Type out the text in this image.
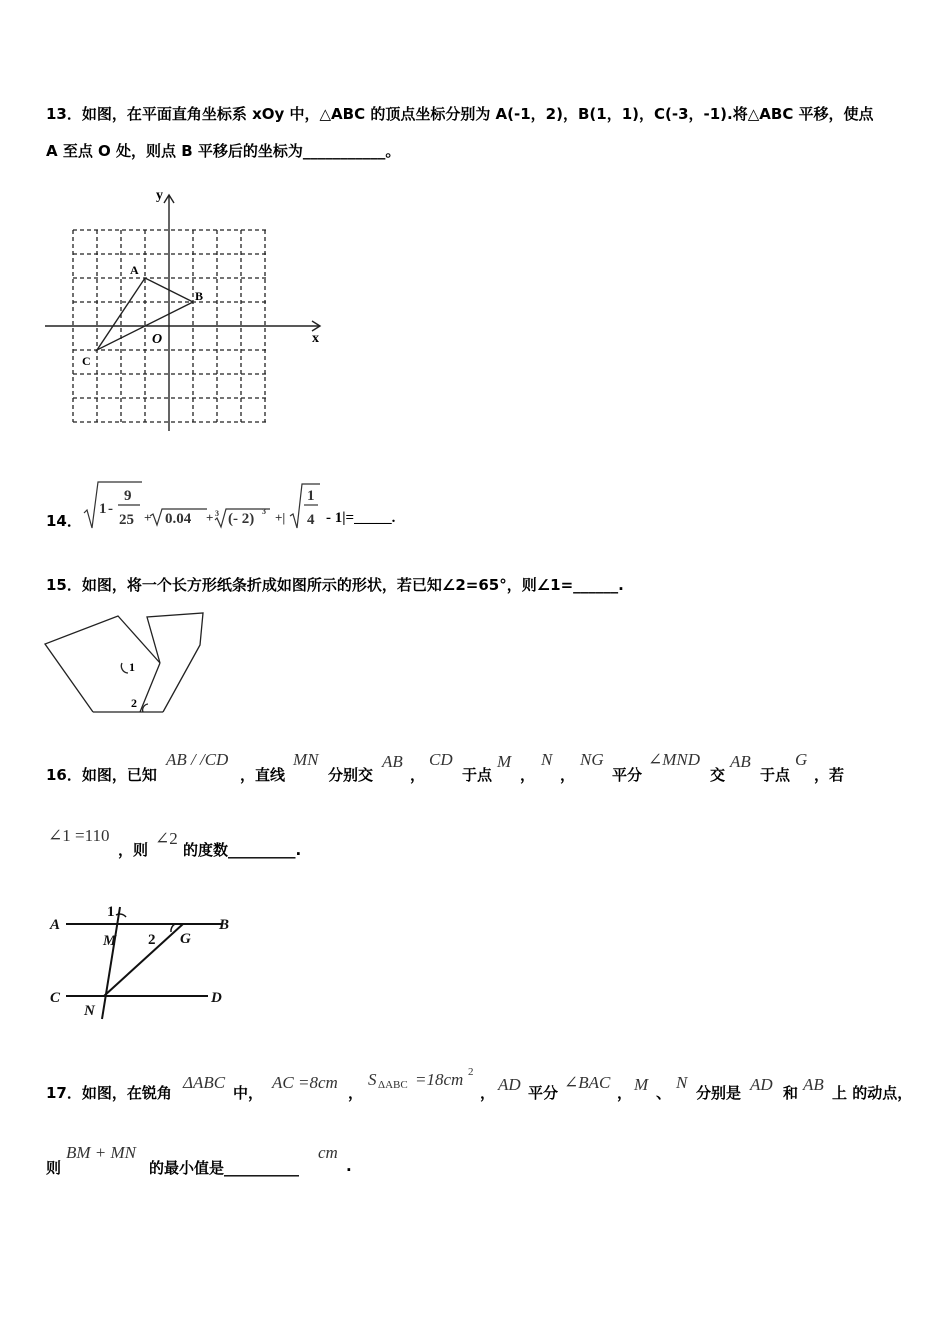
13．如图，在平面直角坐标系 xOy 中，△ABC 的顶点坐标分别为 A(-1，2)，B(1，1)，C(-3，-1).将△ABC 平移，使点
A 至点 O 处，则点 B 平移后的坐标为___________。
y
x
O
A
B
C
14．
1 -
9
25 + 0.04 + 3 (- 2) 3 +|
1
4 - 1|=_____.
15．如图，将一个长方形纸条折成如图所示的形状，若已知∠2=65°，则∠1=______.
1
2
16．如图，已知
AB / /CD
，直线
MN
分别交
AB
，
CD
于点
M
，
N
，
NG
平分
∠MND
交
AB
于点
G
，若
∠1 =110
，则
∠2
的度数_________.
A	B
C	D
M
N
G
1
2
17．如图，在锐角
ΔABC
中，
AC =8cm
，
S ΔABC =18cm 2
， AD 平分
∠BAC
， M 、
N
分别是 AD 和 AB 上 的动点，
则
BM + MN
的最小值是__________
cm
.
